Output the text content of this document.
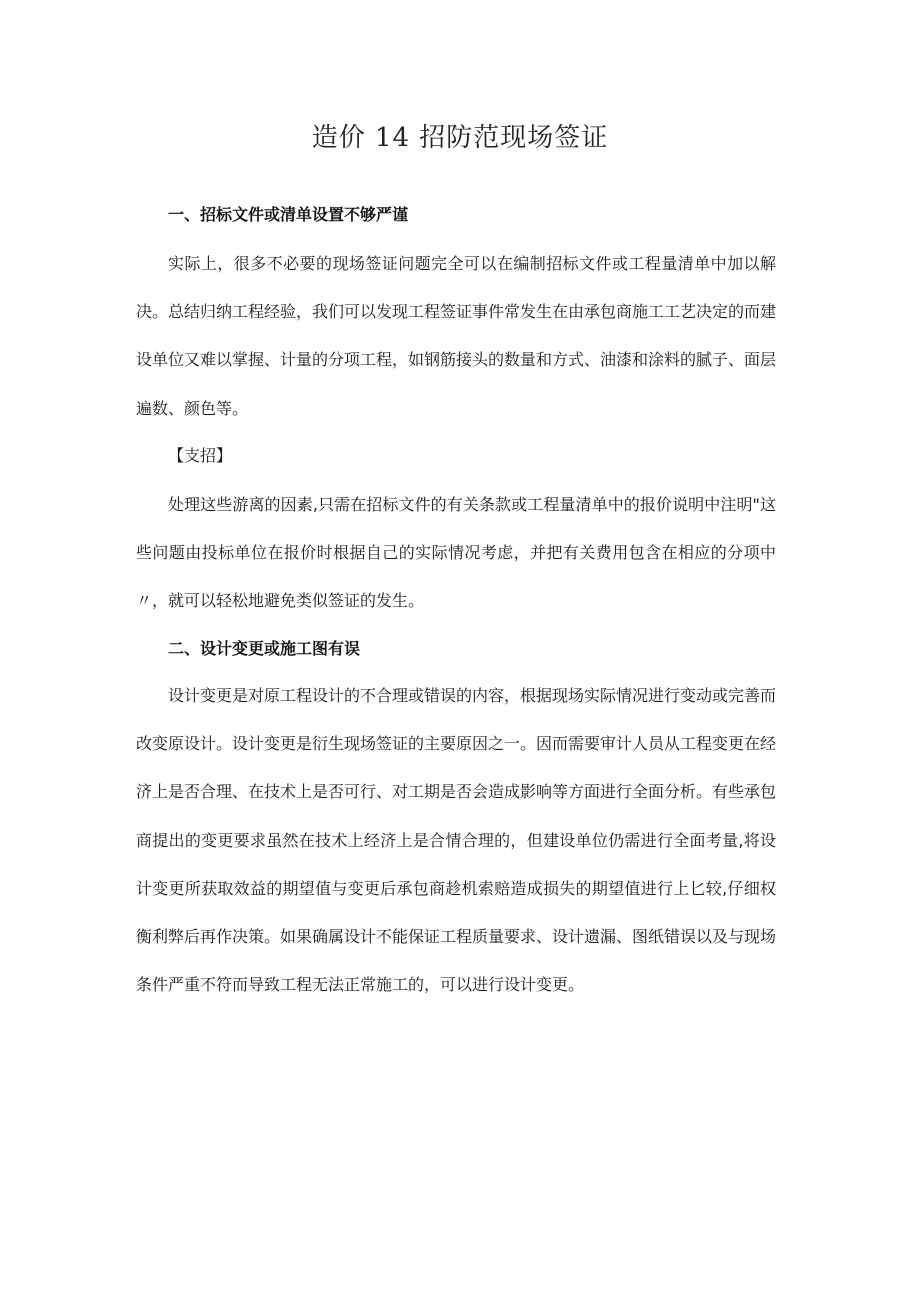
造价 14 招防范现场签证
一、招标文件或清单设置不够严谨
实际上，很多不必要的现场签证问题完全可以在编制招标文件或工程量清单中加以解决。总结归纳工程经验，我们可以发现工程签证事件常发生在由承包商施工工艺决定的而建设单位又难以掌握、计量的分项工程，如钢筋接头的数量和方式、油漆和涂料的腻子、面层遍数、颜色等。
【支招】
处理这些游离的因素,只需在招标文件的有关条款或工程量清单中的报价说明中注明"这些问题由投标单位在报价时根据自己的实际情况考虑，并把有关费用包含在相应的分项中〃，就可以轻松地避免类似签证的发生。
二、设计变更或施工图有误
设计变更是对原工程设计的不合理或错误的内容，根据现场实际情况进行变动或完善而改变原设计。设计变更是衍生现场签证的主要原因之一。因而需要审计人员从工程变更在经济上是否合理、在技术上是否可行、对工期是否会造成影响等方面进行全面分析。有些承包商提出的变更要求虽然在技术上经济上是合情合理的，但建设单位仍需进行全面考量,将设计变更所获取效益的期望值与变更后承包商趁机索赔造成损失的期望值进行上匕较,仔细权衡利弊后再作决策。如果确属设计不能保证工程质量要求、设计遗漏、图纸错误以及与现场条件严重不符而导致工程无法正常施工的，可以进行设计变更。
